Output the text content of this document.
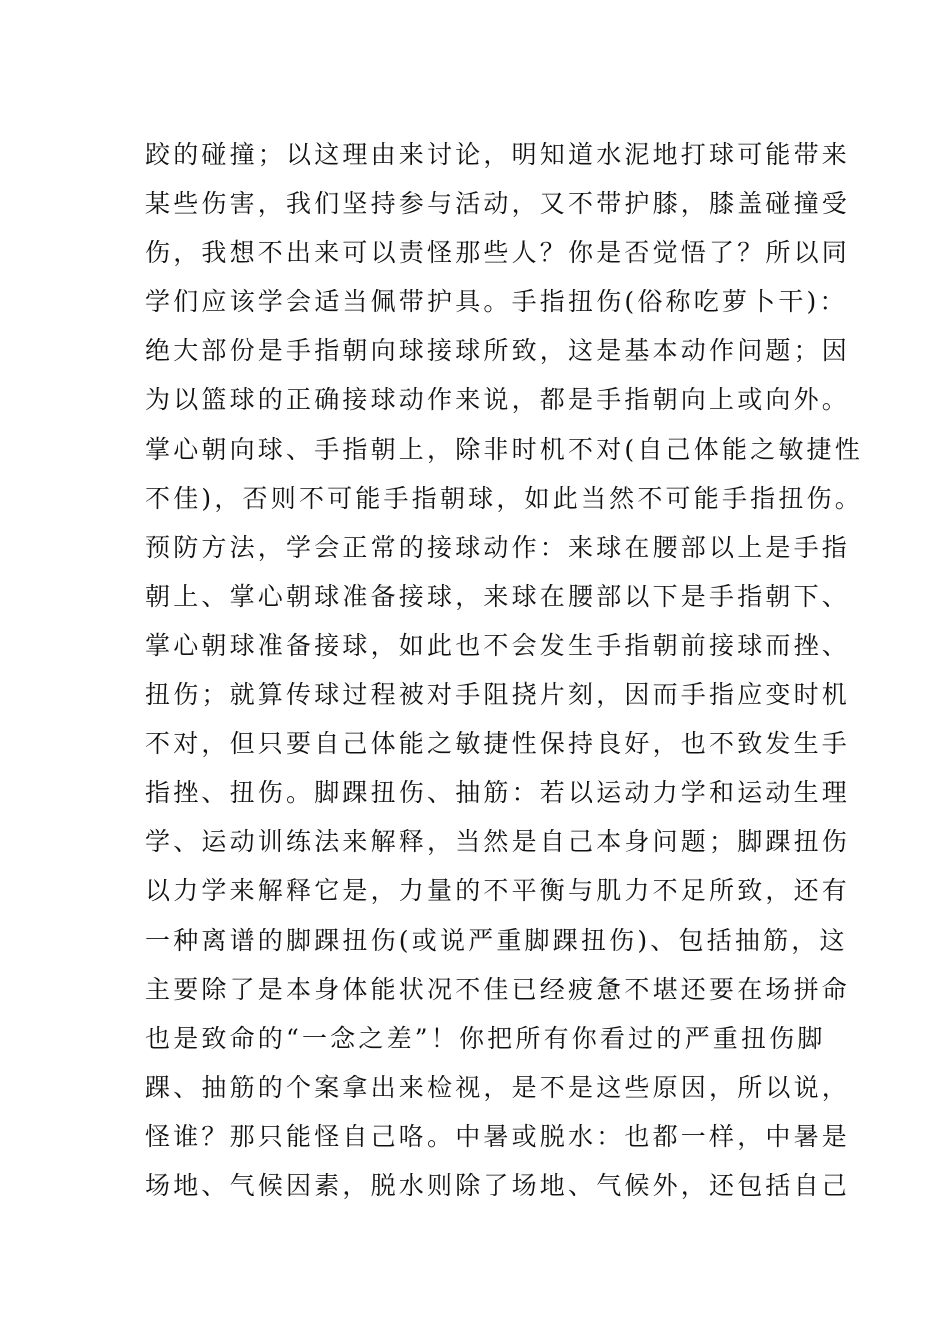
跤的碰撞；以这理由来讨论，明知道水泥地打球可能带来
某些伤害，我们坚持参与活动，又不带护膝，膝盖碰撞受
伤，我想不出来可以责怪那些人？你是否觉悟了？所以同
学们应该学会适当佩带护具。手指扭伤(俗称吃萝卜干)：
绝大部份是手指朝向球接球所致，这是基本动作问题；因
为以篮球的正确接球动作来说，都是手指朝向上或向外。
掌心朝向球、手指朝上，除非时机不对(自己体能之敏捷性
不佳)，否则不可能手指朝球，如此当然不可能手指扭伤。
预防方法，学会正常的接球动作：来球在腰部以上是手指
朝上、掌心朝球准备接球，来球在腰部以下是手指朝下、
掌心朝球准备接球，如此也不会发生手指朝前接球而挫、
扭伤；就算传球过程被对手阻挠片刻，因而手指应变时机
不对，但只要自己体能之敏捷性保持良好，也不致发生手
指挫、扭伤。脚踝扭伤、抽筋：若以运动力学和运动生理
学、运动训练法来解释，当然是自己本身问题；脚踝扭伤
以力学来解释它是，力量的不平衡与肌力不足所致，还有
一种离谱的脚踝扭伤(或说严重脚踝扭伤)、包括抽筋，这
主要除了是本身体能状况不佳已经疲惫不堪还要在场拼命
也是致命的“一念之差”！你把所有你看过的严重扭伤脚
踝、抽筋的个案拿出来检视，是不是这些原因，所以说，
怪谁？那只能怪自己咯。中暑或脱水：也都一样，中暑是
场地、气候因素，脱水则除了场地、气候外，还包括自己
